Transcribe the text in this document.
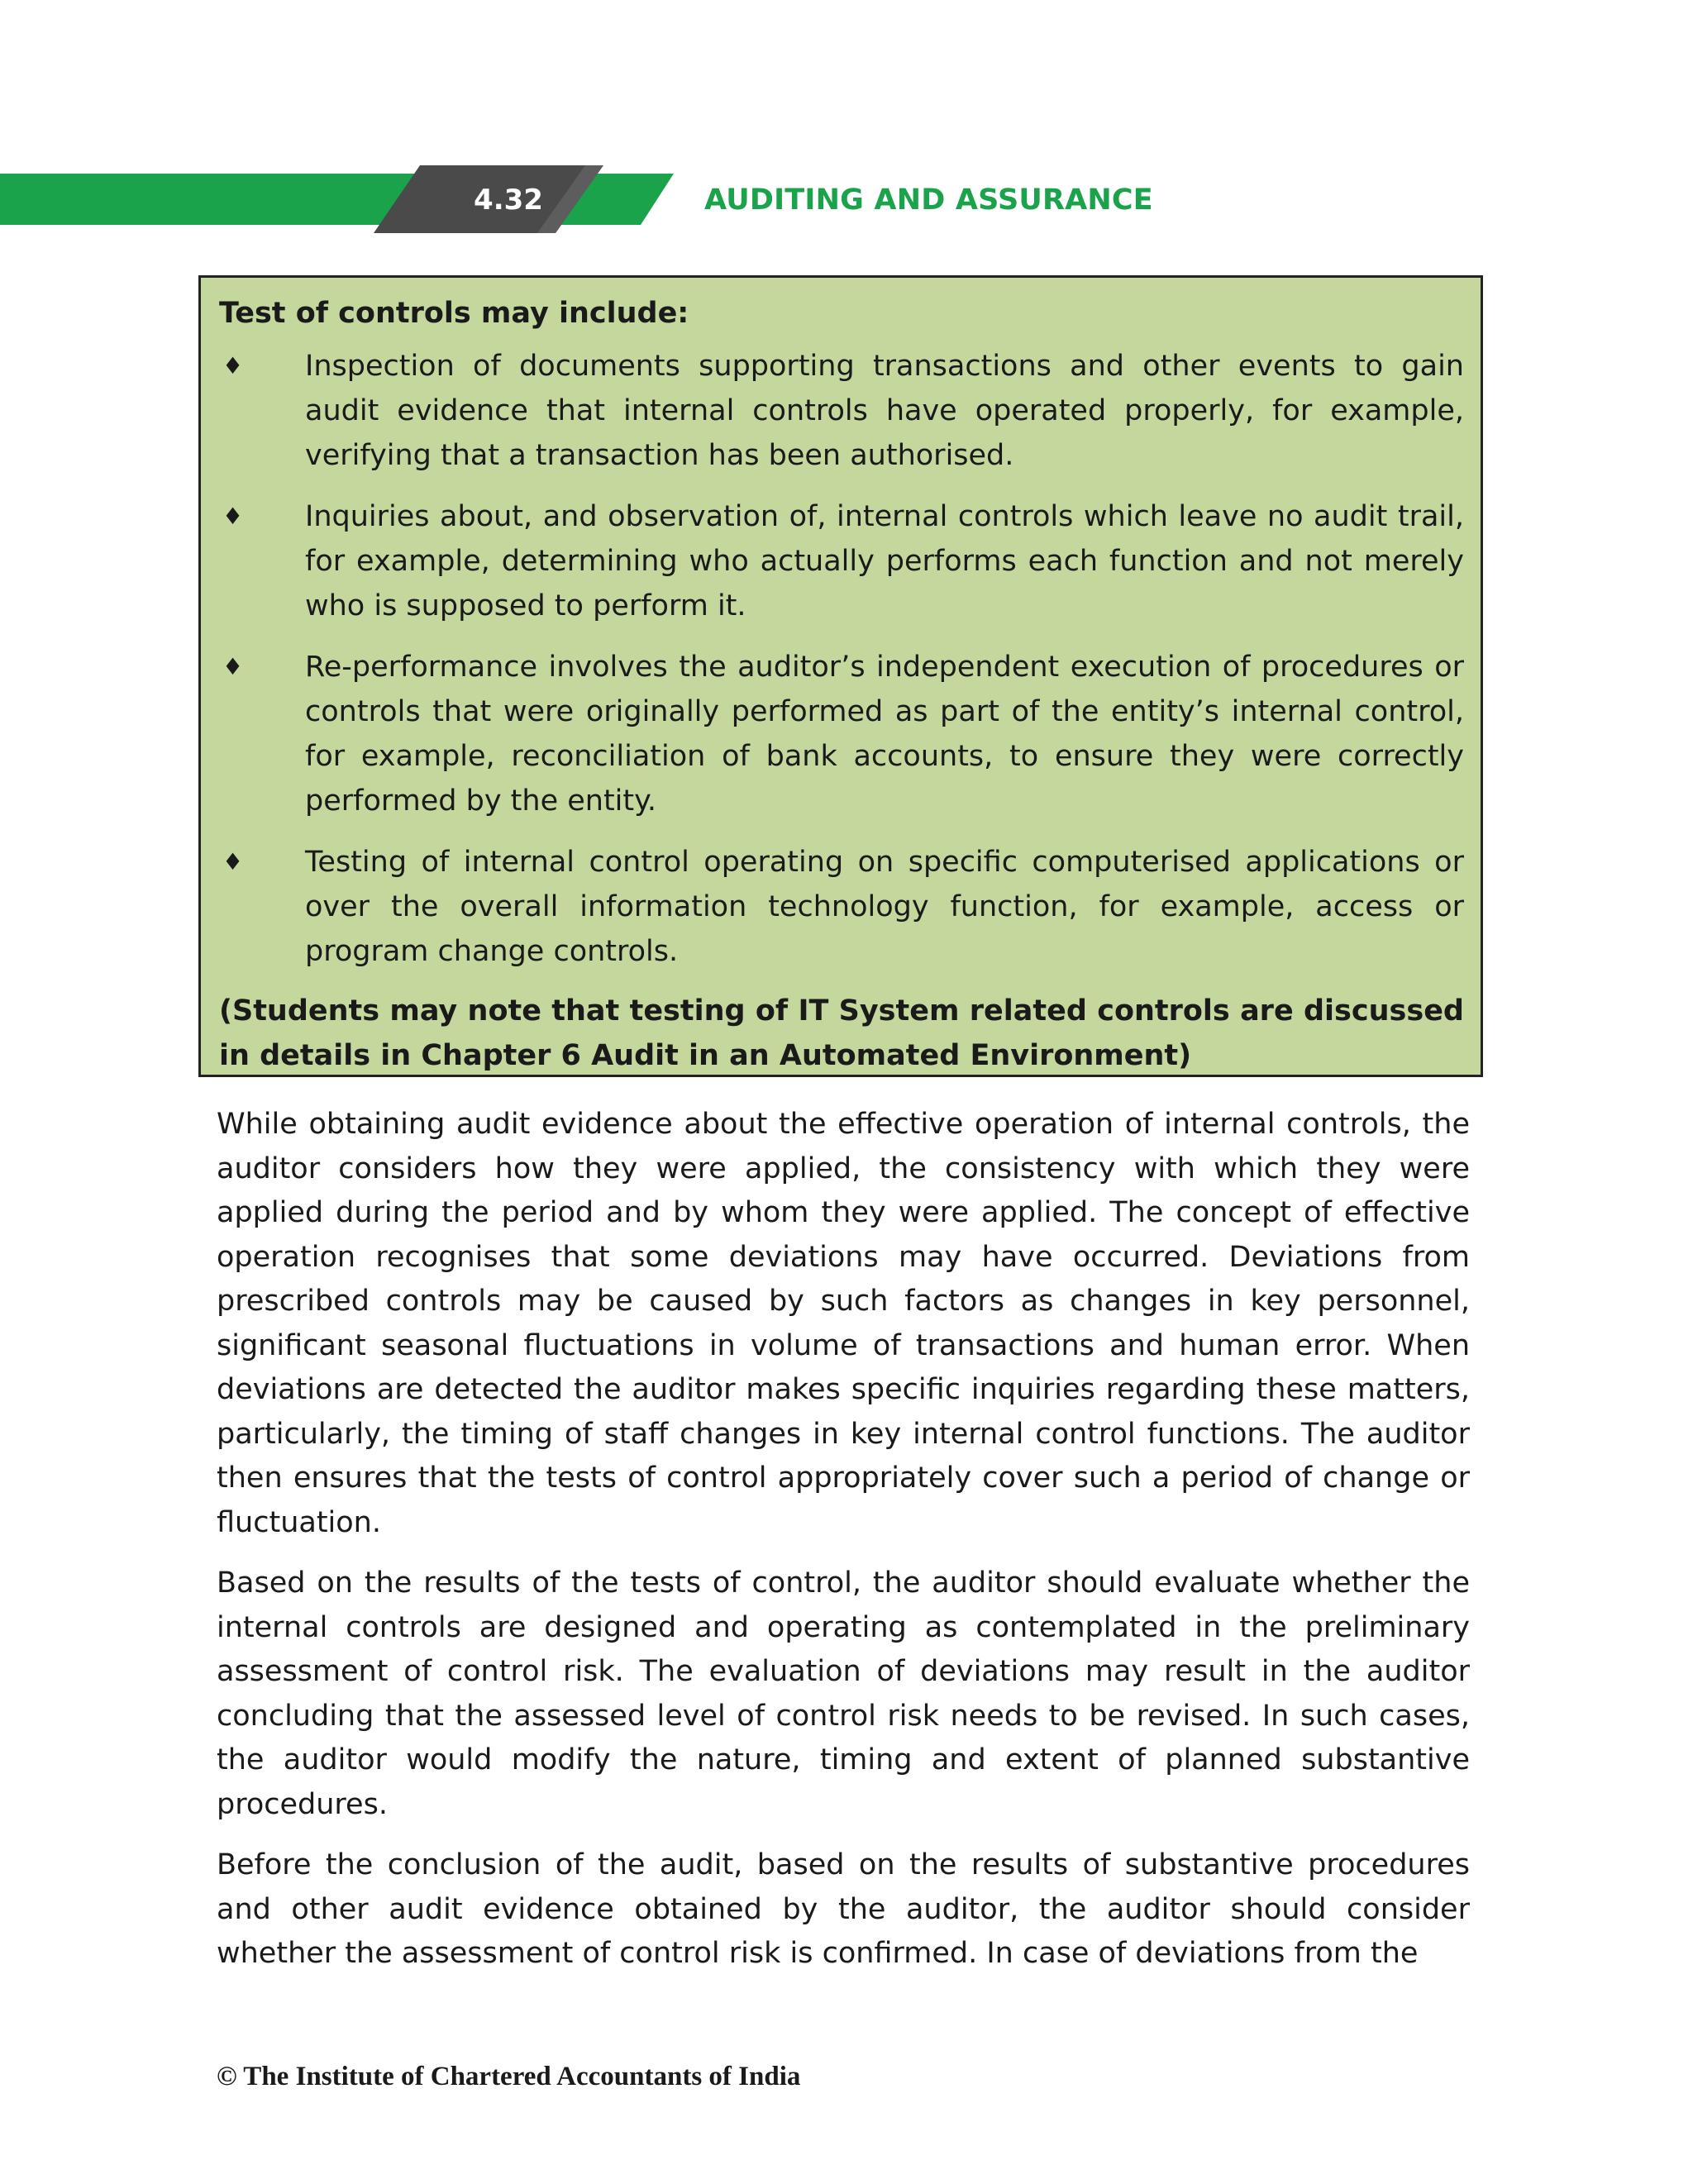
4.32	AUDITING AND ASSURANCE
Test of controls may include:
♦ Inspection of documents supporting transactions and other events to gain audit evidence that internal controls have operated properly, for example, verifying that a transaction has been authorised.
♦ Inquiries about, and observation of, internal controls which leave no audit trail, for example, determining who actually performs each function and not merely who is supposed to perform it.
♦ Re-performance involves the auditor’s independent execution of procedures or controls that were originally performed as part of the entity’s internal control, for example, reconciliation of bank accounts, to ensure they were correctly performed by the entity.
♦ Testing of internal control operating on specific computerised applications or over the overall information technology function, for example, access or program change controls.
(Students may note that testing of IT System related controls are discussed in details in Chapter 6 Audit in an Automated Environment)

While obtaining audit evidence about the effective operation of internal controls, the auditor considers how they were applied, the consistency with which they were applied during the period and by whom they were applied. The concept of effective operation recognises that some deviations may have occurred. Deviations from prescribed controls may be caused by such factors as changes in key personnel, significant seasonal fluctuations in volume of transactions and human error. When deviations are detected the auditor makes specific inquiries regarding these matters, particularly, the timing of staff changes in key internal control functions. The auditor then ensures that the tests of control appropriately cover such a period of change or fluctuation.

Based on the results of the tests of control, the auditor should evaluate whether the internal controls are designed and operating as contemplated in the preliminary assessment of control risk. The evaluation of deviations may result in the auditor concluding that the assessed level of control risk needs to be revised. In such cases, the auditor would modify the nature, timing and extent of planned substantive procedures.

Before the conclusion of the audit, based on the results of substantive procedures and other audit evidence obtained by the auditor, the auditor should consider whether the assessment of control risk is confirmed. In case of deviations from the

© The Institute of Chartered Accountants of India
